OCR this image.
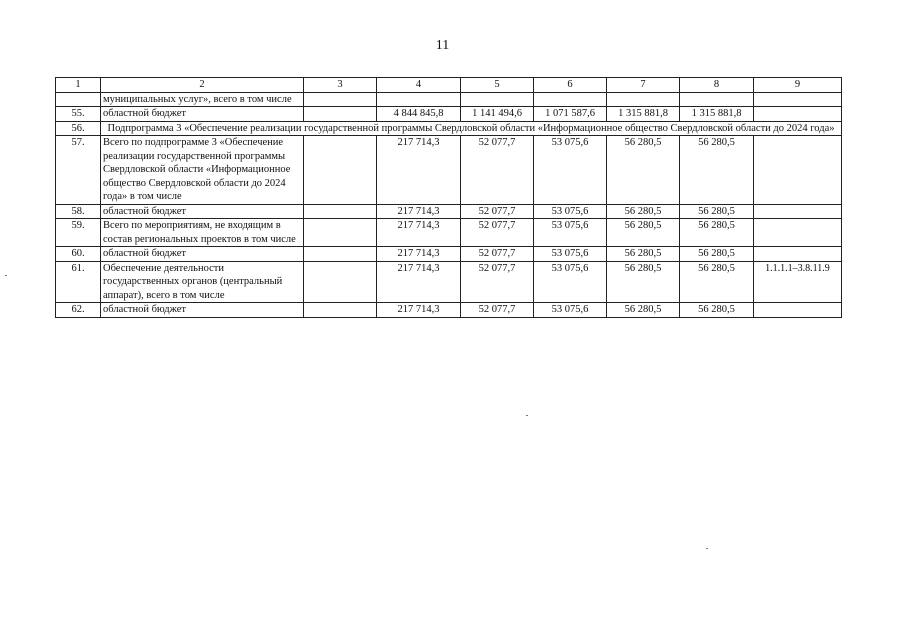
11
1	2	3	4	5	6	7	8	9
	муниципальных услуг», всего в том числе							
55.	областной бюджет		4 844 845,8	1 141 494,6	1 071 587,6	1 315 881,8	1 315 881,8	
56.	Подпрограмма 3 «Обеспечение реализации государственной программы Свердловской области «Информационное общество Свердловской области до 2024 года»							
57.	Всего по подпрограмме 3 «Обеспечение реализации государственной программы Свердловской области «Информационное общество Свердловской области до 2024 года» в том числе		217 714,3	52 077,7	53 075,6	56 280,5	56 280,5	
58.	областной бюджет		217 714,3	52 077,7	53 075,6	56 280,5	56 280,5	
59.	Всего по мероприятиям, не входящим в состав региональных проектов в том числе		217 714,3	52 077,7	53 075,6	56 280,5	56 280,5	
60.	областной бюджет		217 714,3	52 077,7	53 075,6	56 280,5	56 280,5	
61.	Обеспечение деятельности государственных органов (центральный аппарат), всего в том числе		217 714,3	52 077,7	53 075,6	56 280,5	56 280,5	1.1.1.1–3.8.11.9
62.	областной бюджет		217 714,3	52 077,7	53 075,6	56 280,5	56 280,5	
